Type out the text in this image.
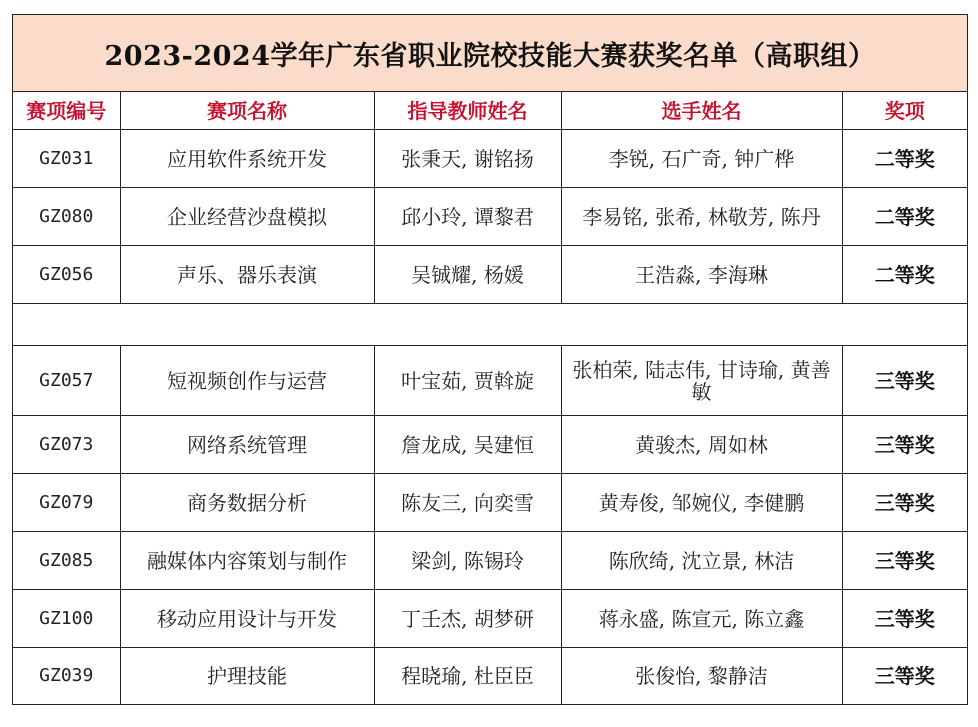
2023-2024学年广东省职业院校技能大赛获奖名单（高职组）
赛项编号	赛项名称	指导教师姓名	选手姓名	奖项
GZ031	应用软件系统开发	张秉天, 谢铭扬	李锐, 石广奇, 钟广桦	二等奖
GZ080	企业经营沙盘模拟	邱小玲, 谭黎君	李易铭, 张希, 林敬芳, 陈丹	二等奖
GZ056	声乐、器乐表演	吴铖耀, 杨媛	王浩淼, 李海琳	二等奖

GZ057	短视频创作与运营	叶宝茹, 贾斡旋	张柏荣, 陆志伟, 甘诗瑜, 黄善敏	三等奖
GZ073	网络系统管理	詹龙成, 吴建恒	黄骏杰, 周如林	三等奖
GZ079	商务数据分析	陈友三, 向奕雪	黄寿俊, 邹婉仪, 李健鹏	三等奖
GZ085	融媒体内容策划与制作	梁剑, 陈锡玲	陈欣绮, 沈立景, 林洁	三等奖
GZ100	移动应用设计与开发	丁壬杰, 胡梦研	蒋永盛, 陈宣元, 陈立鑫	三等奖
GZ039	护理技能	程晓瑜, 杜臣臣	张俊怡, 黎静洁	三等奖
